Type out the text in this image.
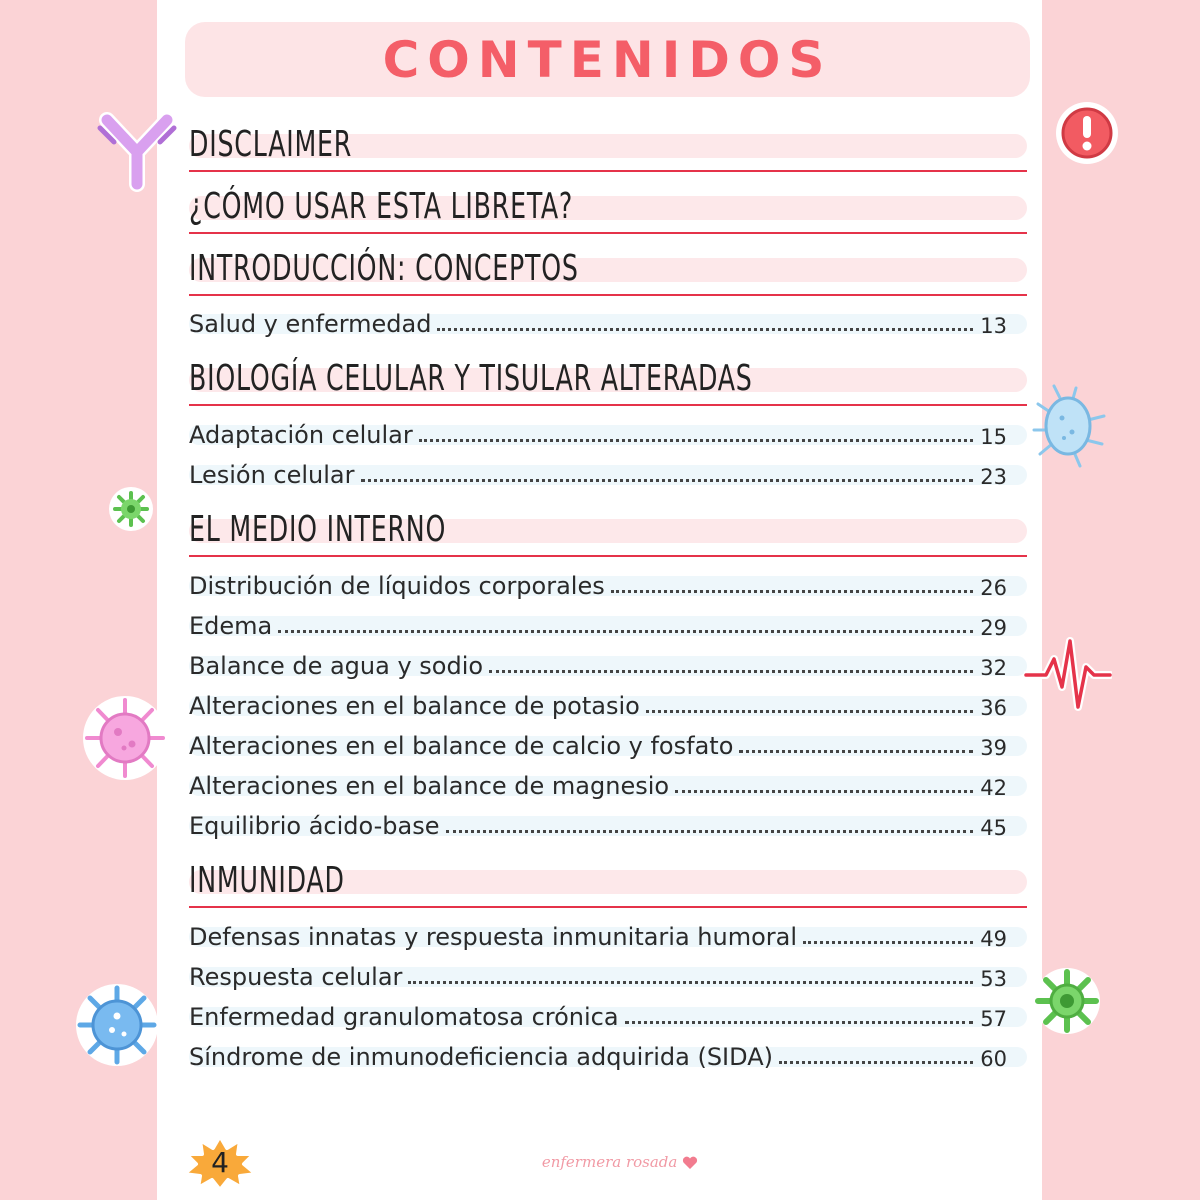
CONTENIDOS
DISCLAIMER
¿CÓMO USAR ESTA LIBRETA?
INTRODUCCIÓN: CONCEPTOS
Salud y enfermedad	13
BIOLOGÍA CELULAR Y TISULAR ALTERADAS
Adaptación celular	15
Lesión celular	23
EL MEDIO INTERNO
Distribución de líquidos corporales	26
Edema	29
Balance de agua y sodio	32
Alteraciones en el balance de potasio	36
Alteraciones en el balance de calcio y fosfato	39
Alteraciones en el balance de magnesio	42
Equilibrio ácido-base	45
INMUNIDAD
Defensas innatas y respuesta inmunitaria humoral	49
Respuesta celular	53
Enfermedad granulomatosa crónica	57
Síndrome de inmunodeficiencia adquirida (SIDA)	60
4	enfermera rosada
